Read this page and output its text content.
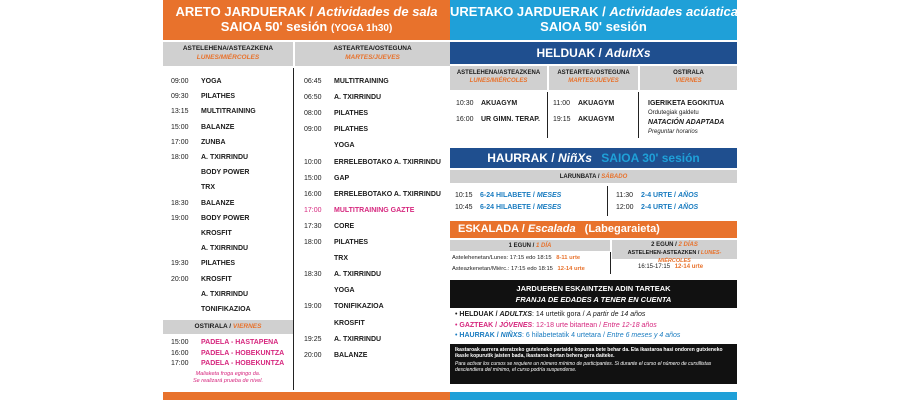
ARETO JARDUERAK / Actividades de sala
SAIOA 50' sesión (YOGA 1h30)
URETAKO JARDUERAK / Actividades acúaticas
SAIOA 50' sesión
ASTELEHENA/ASTEAZKENA
LUNES/MIÉRCOLES
ASTEARTEA/OSTEGUNA
MARTES/JUEVES
09:00 YOGA
09:30 PILATHES
13:15 MULTITRAINING
15:00 BALANZE
17:00 ZUNBA
18:00 A. TXIRRINDU
BODY POWER
TRX
18:30 BALANZE
19:00 BODY POWER
KROSFIT
A. TXIRRINDU
19:30 PILATHES
20:00 KROSFIT
A. TXIRRINDU
TONIFIKAZIOA
06:45 MULTITRAINING
06:50 A. TXIRRINDU
08:00 PILATHES
09:00 PILATHES
YOGA
10:00 ERRELEBOTAKO A. TXIRRINDU
15:00 GAP
16:00 ERRELEBOTAKO A. TXIRRINDU
17:00 MULTITRAINING GAZTE
17:30 CORE
18:00 PILATHES
TRX
18:30 A. TXIRRINDU
YOGA
19:00 TONIFIKAZIOA
KROSFIT
19:25 A. TXIRRINDU
20:00 BALANZE
OSTIRALA / VIERNES
15:00 PADELA - HASTAPENA
16:00 PADELA - HOBEKUNTZA
17:00 PADELA - HOBEKUNTZA
Maliaketa froga egingo da.
Se realizará prueba de nivel.
HELDUAK / AdultXs
ASTELEHENA/ASTEAZKENA
LUNES/MIÉRCOLES
ASTEARTEA/OSTEGUNA
MARTES/JUEVES
OSTIRALA
VIERNES
10:30 AKUAGYM
16:00 UR GIMN. TERAP.
11:00 AKUAGYM
19:15 AKUAGYM
IGERIKETA EGOKITUA
Ordutegiak galdetu
NATACIÓN ADAPTADA
Preguntar horarios
HAURRAK / NiñXs SAIOA 30' sesión
LARUNBATA / SÁBADO
10:15 6-24 HILABETE / MESES
10:45 6-24 HILABETE / MESES
11:30 2-4 URTE / AÑOS
12:00 2-4 URTE / AÑOS
ESKALADA / Escalada (Labegaraieta)
1 EGUN / 1 DÍA	2 EGUN / 2 DÍAS
ASTELEHEN-ASTEAZKEN / LUNES-MIÉRCOLES
Astelehenetan/Lunes: 17:15 edo 18:15 8-11 urte
Asteazkenetan/Miérc.: 17:15 edo 18:15 12-14 urte	16:15-17:15 12-14 urte
JARDUEREN ESKAINTZEN ADIN TARTEAK
FRANJA DE EDADES A TENER EN CUENTA
• HELDUAK / ADULTXS: 14 urtetik gora / A partir de 14 años
• GAZTEAK / JÓVENES: 12-18 urte bitartean / Entre 12-18 años
• HAURRAK / NIÑXS: 6 hilabetetatik 4 urtetara / Entre 6 meses y 4 años
Ikastaroak aurrera ateratzeko gutxieneko partaide kopurua bete behar da. Eta ikastaroa hasi ondoren gutxieneko ikasle kopurutik jaisten bada, ikastaroa bertan behera gera daiteke.
Para activar los cursos se requiere un número mínimo de participantes. Si durante el curso el número de cursillistas desciendiera del mínimo, el curso podría suspenderse.
